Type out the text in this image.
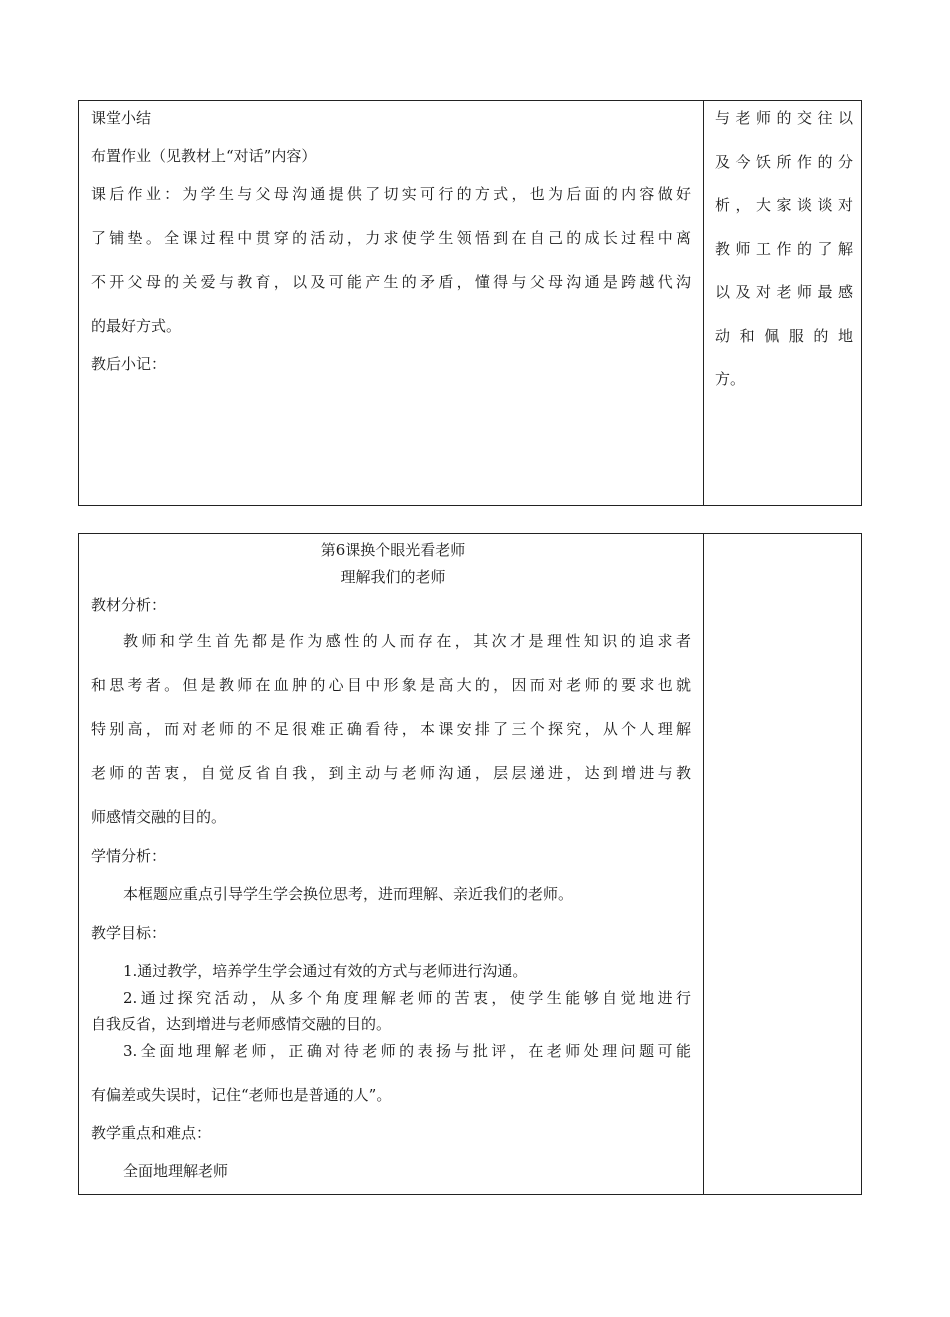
课堂小结
布置作业（见教材上“对话”内容）
课后作业：为学生与父母沟通提供了切实可行的方式，也为后面的内容做好
了铺垫。全课过程中贯穿的活动，力求使学生领悟到在自己的成长过程中离
不开父母的关爱与教育，以及可能产生的矛盾，懂得与父母沟通是跨越代沟
的最好方式。
教后小记：
与老师的交往以
及今饫所作的分
析，大家谈谈对
教师工作的了解
以及对老师最感
动和佩服的地
方。
第6课换个眼光看老师
理解我们的老师
教材分析：
教师和学生首先都是作为感性的人而存在，其次才是理性知识的追求者
和思考者。但是教师在血肿的心目中形象是高大的，因而对老师的要求也就
特别高，而对老师的不足很难正确看待，本课安排了三个探究，从个人理解
老师的苦衷，自觉反省自我，到主动与老师沟通，层层递进，达到增进与教
师感情交融的目的。
学情分析：
本框题应重点引导学生学会换位思考，进而理解、亲近我们的老师。
教学目标：
1.通过教学，培养学生学会通过有效的方式与老师进行沟通。
2.通过探究活动，从多个角度理解老师的苦衷，使学生能够自觉地进行
自我反省，达到增进与老师感情交融的目的。
3.全面地理解老师，正确对待老师的表扬与批评，在老师处理问题可能
有偏差或失误时，记住“老师也是普通的人”。
教学重点和难点：
全面地理解老师
